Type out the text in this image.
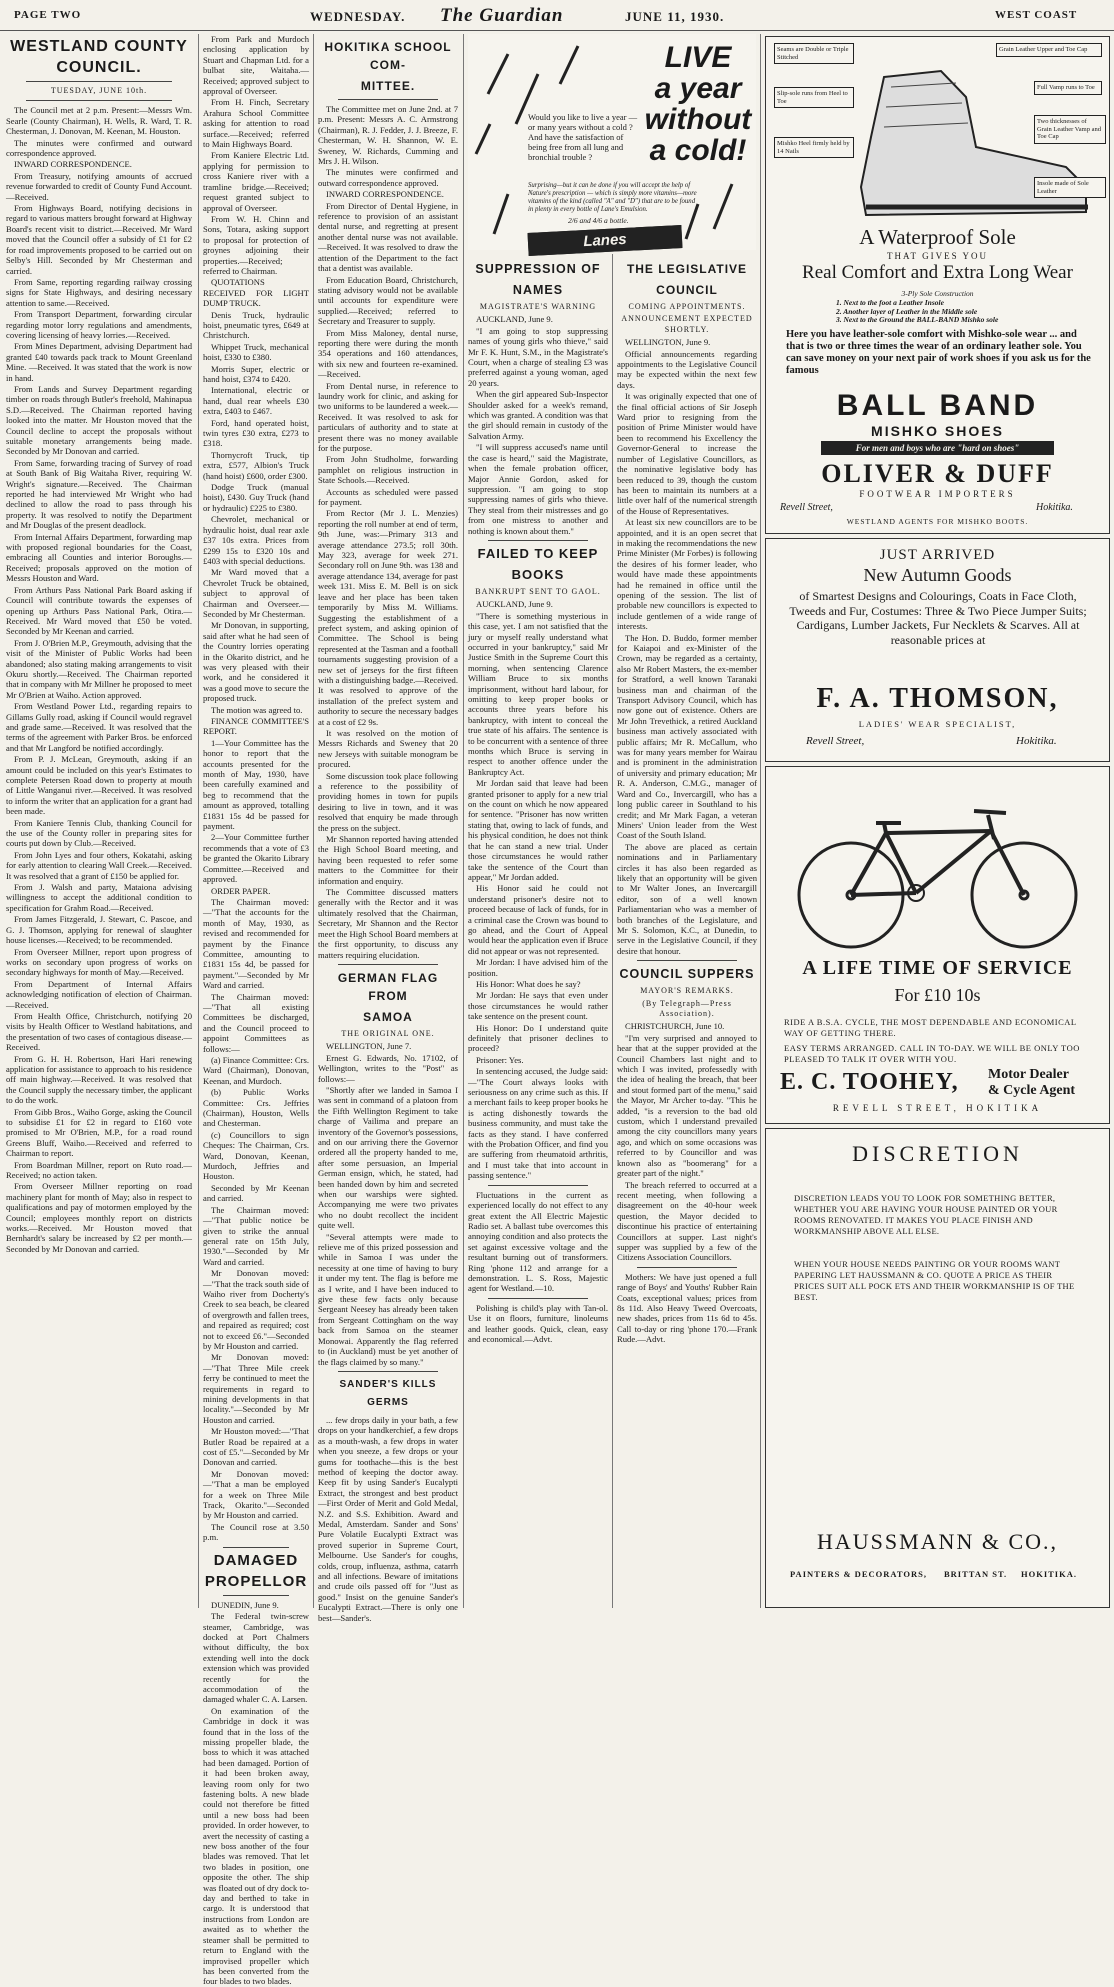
PAGE TWO	WEDNESDAY. The Guardian	JUNE 11, 1930.	WEST COAST
WESTLAND COUNTY
COUNCIL.
TUESDAY, JUNE 10th.

The Council met at 2 p.m. Present:—Messrs Wm. Searle (County Chairman), H. Wells, R. Ward, T. R. Chesterman, J. Donovan, M. Keenan, M. Houston.

The minutes were confirmed and outward correspondence approved.

INWARD CORRESPONDENCE.

From Treasury, notifying amounts of accrued revenue forwarded to credit of County Fund Account.—Received.

From Highways Board, notifying decisions in regard to various matters brought forward at Highway Board's recent visit to district.—Received. Mr Ward moved that the Council offer a subsidy of £1 for £2 for road improvements proposed to be carried out on Selby's Hill. Seconded by Mr Chesterman and carried.

From Same, reporting regarding railway crossing signs for State Highways, and desiring necessary attention to same.—Received.

From Transport Department, forwarding circular regarding motor lorry regulations and amendments, covering licensing of heavy lorries.—Received.

From Mines Department, advising Department had granted £40 towards pack track to Mount Greenland Mine. —Received. It was stated that the work is now in hand.

From Lands and Survey Department regarding timber on roads through Butler's freehold, Mahinapua S.D.—Received. The Chairman reported having looked into the matter. Mr Houston moved that the Council decline to accept the proposals without suitable monetary arrangements being made. Seconded by Mr Donovan and carried.

From Same, forwarding tracing of Survey of road at South Bank of Big Waitaha River, requiring W. Wright's signature.—Received. The Chairman reported he had interviewed Mr Wright who had declined to allow the road to pass through his property. It was resolved to notify the Department and Mr Douglas of the present deadlock.

From Internal Affairs Department, forwarding map with proposed regional boundaries for the Coast, embracing all Counties and interior Boroughs.—Received; proposals approved on the motion of Messrs Houston and Ward.

From Arthurs Pass National Park Board asking if Council will contribute towards the expenses of opening up Arthurs Pass National Park, Otira.—Received. Mr Ward moved that £50 be voted. Seconded by Mr Keenan and carried.

From J. O'Brien M.P., Greymouth, advising that the visit of the Minister of Public Works had been abandoned; also stating making arrangements to visit Okuru shortly.—Received. The Chairman reported that in company with Mr Millner he proposed to meet Mr O'Brien at Waiho. Action approved.

From Westland Power Ltd., regarding repairs to Gillams Gully road, asking if Council would regravel and grade same.—Received. It was resolved that the terms of the agreement with Parker Bros. be enforced and that Mr Langford be notified accordingly.

From P. J. McLean, Greymouth, asking if an amount could be included on this year's Estimates to complete Petersen Road down to property at mouth of Little Wanganui river.—Received. It was resolved to inform the writer that an application for a grant had been made.

From Kaniere Tennis Club, thanking Council for the use of the County roller in preparing sites for courts put down by Club.—Received.

From John Lyes and four others, Kokatahi, asking for early attention to clearing Wall Creek.—Received. It was resolved that a grant of £150 be applied for.

From J. Walsh and party, Mataiona advising willingness to accept the additional condition to specification for Grahm Road.—Received.

From James Fitzgerald, J. Stewart, C. Pascoe, and G. J. Thomson, applying for renewal of slaughter house licenses.—Received; to be recommended.

From Overseer Millner, report upon progress of works on secondary upon progress of works on secondary highways for month of May.—Received.

From Department of Internal Affairs acknowledging notification of election of Chairman.—Received.

From Health Office, Christchurch, notifying 20 visits by Health Officer to Westland habitations, and the presentation of two cases of contagious disease.—Received.

From G. H. H. Robertson, Hari Hari renewing application for assistance to approach to his residence off main highway.—Received. It was resolved that the Council supply the necessary timber, the applicant to do the work.

From Gibb Bros., Waiho Gorge, asking the Council to subsidise £1 for £2 in regard to £160 vote promised to Mr O'Brien, M.P., for a road round Greens Bluff, Waiho.—Received and referred to Chairman to report.

From Boardman Millner, report on Ruto road.—Received; no action taken.

From Overseer Millner reporting on road machinery plant for month of May; also in respect to qualifications and pay of motormen employed by the Council; employees monthly report on districts works.—Received. Mr Houston moved that Bernhardt's salary be increased by £2 per month.—Seconded by Mr Donovan and carried.

From Park and Murdoch enclosing application by Stuart and Chapman Ltd. for a bulbat site, Waitaha.—Received; approved subject to approval of Overseer.

From H. Finch, Secretary Arahura School Committee asking for attention to road surface.—Received; referred to Main Highways Board.

From Kaniere Electric Ltd. applying for permission to cross Kaniere river with a tramline bridge.—Received; request granted subject to approval of Overseer.

From W. H. Chinn and Sons, Totara, asking support to proposal for protection of groynes adjoining their properties.—Received; referred to Chairman.

QUOTATIONS RECEIVED FOR LIGHT DUMP TRUCK.

Denis Truck, hydraulic hoist, pneumatic tyres, £649 at Christchurch.

Whippet Truck, mechanical hoist, £330 to £380.

Morris Super, electric or hand hoist, £374 to £420.

International, electric or hand, dual rear wheels £30 extra, £403 to £467.

Ford, hand operated hoist, twin tyres £30 extra, £273 to £318.

Thornycroft Truck, tip extra, £577, Albion's Truck (hand hoist) £600, order £300.

Dodge Truck (manual hoist), £430. Guy Truck (hand or hydraulic) £225 to £380.

Chevrolet, mechanical or hydraulic hoist, dual rear axle £37 10s extra. Prices from £299 15s to £320 10s and £403 with special deductions.

Mr Ward moved that a Chevrolet Truck be obtained, subject to approval of Chairman and Overseer.—Seconded by Mr Chesterman.

Mr Donovan, in supporting, said after what he had seen of the Country lorries operating in the Okarito district, and he was very pleased with their work, and he considered it was a good move to secure the proposed truck.

The motion was agreed to.

FINANCE COMMITTEE'S REPORT.

1—Your Committee has the honor to report that the accounts presented for the month of May, 1930, have been carefully examined and beg to recommend that the amount as approved, totalling £1831 15s 4d be passed for payment.

2—Your Committee further recommends that a vote of £3 be granted the Okarito Library Committee.—Received and approved.

ORDER PAPER.

The Chairman moved:—"That the accounts for the month of May, 1930, as revised and recommended for payment by the Finance Committee, amounting to £1831 15s 4d, be passed for payment."—Seconded by Mr Ward and carried.

The Chairman moved:—"That all existing Committees be discharged, and the Council proceed to appoint Committees as follows:—

(a) Finance Committee: Crs. Ward (Chairman), Donovan, Keenan, and Murdoch.

(b) Public Works Committee: Crs. Jeffries (Chairman), Houston, Wells and Chesterman.

(c) Councillors to sign Cheques: The Chairman, Crs. Ward, Donovan, Keenan, Murdoch, Jeffries and Houston.

Seconded by Mr Keenan and carried.

The Chairman moved:—"That public notice be given to strike the annual general rate on 15th July, 1930."—Seconded by Mr Ward and carried.

Mr Donovan moved:—"That the track south side of Waiho river from Docherty's Creek to sea beach, be cleared of overgrowth and fallen trees, and repaired as required; cost not to exceed £6."—Seconded by Mr Houston and carried.

Mr Donovan moved:—"That Three Mile creek ferry be continued to meet the requirements in regard to mining developments in that locality."—Seconded by Mr Houston and carried.

Mr Houston moved:—"That Butler Road be repaired at a cost of £5."—Seconded by Mr Donovan and carried.

Mr Donovan moved:—"That a man be employed for a week on Three Mile Track, Okarito."—Seconded by Mr Houston and carried.

The Council rose at 3.50 p.m.

DAMAGED
PROPELLOR

DUNEDIN, June 9.

The Federal twin-screw steamer, Cambridge, was docked at Port Chalmers without difficulty, the box extending well into the dock extension which was provided recently for the accommodation of the damaged whaler C. A. Larsen.

On examination of the Cambridge in dock it was found that in the loss of the missing propeller blade, the boss to which it was attached had been damaged. Portion of it had been broken away, leaving room only for two fastening bolts. A new blade could not therefore be fitted until a new boss had been provided. In order however, to avert the necessity of casting a new boss another of the four blades was removed. That let two blades in position, one opposite the other. The ship was floated out of dry dock to-day and berthed to take in cargo. It is understood that instructions from London are awaited as to whether the steamer shall be permitted to return to England with the improvised propeller which has been converted from the four blades to two blades.

HOKITIKA SCHOOL COM-
MITTEE.

The Committee met on June 2nd. at 7 p.m. Present: Messrs A. C. Armstrong (Chairman), R. J. Fedder, J. J. Breeze, F. Chesterman, W. H. Shannon, W. E. Sweney, W. Richards, Cumming and Mrs J. H. Wilson.

The minutes were confirmed and outward correspondence approved.

INWARD CORRESPONDENCE.

From Director of Dental Hygiene, in reference to provision of an assistant dental nurse, and regretting at present another dental nurse was not available.—Received. It was resolved to draw the attention of the Department to the fact that a dentist was available.

From Education Board, Christchurch, stating advisory would not be available until accounts for expenditure were supplied.—Received; referred to Secretary and Treasurer to supply.

From Miss Maloney, dental nurse, reporting there were during the month 354 operations and 160 attendances, with six new and fourteen re-examined.—Received.

From Dental nurse, in reference to laundry work for clinic, and asking for two uniforms to be laundered a week.—Received. It was resolved to ask for particulars of authority and to state at present there was no money available for the purpose.

From John Studholme, forwarding pamphlet on religious instruction in State Schools.—Received.

Accounts as scheduled were passed for payment.

From Rector (Mr J. L. Menzies) reporting the roll number at end of term, 9th June, was:—Primary 313 and average attendance 273.5; roll 30th. May 323, average for week 271. Secondary roll on June 9th. was 138 and average attendance 134, average for past week 131. Miss E. M. Bell is on sick leave and her place has been taken temporarily by Miss M. Williams. Suggesting the establishment of a prefect system, and asking opinion of Committee. The School is being represented at the Tasman and a football tournaments suggesting provision of a new set of jerseys for the first fifteen with a distinguishing badge.—Received. It was resolved to approve of the installation of the prefect system and authority to secure the necessary badges at a cost of £2 9s.

It was resolved on the motion of Messrs Richards and Sweney that 20 new Jerseys with suitable monogram be procured.

Some discussion took place following a reference to the possibility of providing homes in town for pupils desiring to live in town, and it was resolved that enquiry be made through the press on the subject.

Mr Shannon reported having attended the High School Board meeting, and having been requested to refer some matters to the Committee for their information and enquiry.

The Committee discussed matters generally with the Rector and it was ultimately resolved that the Chairman, Secretary, Mr Shannon and the Rector meet the High School Board members at the first opportunity, to discuss any matters requiring elucidation.

GERMAN FLAG FROM
SAMOA
THE ORIGINAL ONE.

WELLINGTON, June 7.

Ernest G. Edwards, No. 17102, of Wellington, writes to the "Post" as follows:—

"Shortly after we landed in Samoa I was sent in command of a platoon from the Fifth Wellington Regiment to take charge of Vailima and prepare an inventory of the Governor's possessions, and on our arriving there the Governor ordered all the property handed to me, after some persuasion, an Imperial German ensign, which, he stated, had been handed down by him and secreted when our warships were sighted. Accompanying me were two privates who no doubt recollect the incident quite well.

"Several attempts were made to relieve me of this prized possession and while in Samoa I was under the necessity at one time of having to bury it under my tent. The flag is before me as I write, and I have been induced to give these few facts only because Sergeant Neesey has already been taken from Sergeant Cottingham on the way back from Samoa on the steamer Monowai. Apparently the flag referred to (in Auckland) must be yet another of the flags claimed by so many."

SANDER'S KILLS GERMS

... few drops daily in your bath, a few drops on your handkerchief, a few drops as a mouth-wash, a few drops in water when you sneeze, a few drops or your gums for toothache—this is the best method of keeping the doctor away. Keep fit by using Sander's Eucalypti Extract, the strongest and best product—First Order of Merit and Gold Medal, N.Z. and S.S. Exhibition. Award and Medal, Amsterdam. Sander and Sons' Pure Volatile Eucalypti Extract was proved superior in Supreme Court, Melbourne. Use Sander's for coughs, colds, croup, influenza, asthma, catarrh and all infections. Beware of imitations and crude oils passed off for "Just as good." Insist on the genuine Sander's Eucalypti Extract.—There is only one best—Sander's.

LIVE
a year
without
a cold!
Would you like to live a year — or many years without a cold ? And have the satisfaction of being free from all lung and bronchial trouble ?
Surprising—but it can be done if you will accept the help of Nature's prescription — which is simply more vitamins—more vitamins of the kind (called "A" and "D") that are to be found in plenty in every bottle of Lane's Emulsion.
2/6 and 4/6 a bottle.
Lanes
SUPPRESSION OF
NAMES
MAGISTRATE'S WARNING

AUCKLAND, June 9.

"I am going to stop suppressing names of young girls who thieve," said Mr F. K. Hunt, S.M., in the Magistrate's Court, when a charge of stealing £3 was preferred against a young woman, aged 20 years.

When the girl appeared Sub-Inspector Shoulder asked for a week's remand, which was granted. A condition was that the girl should remain in custody of the Salvation Army.

"I will suppress accused's name until the case is heard," said the Magistrate, when the female probation officer, Major Annie Gordon, asked for suppression. "I am going to stop suppressing names of girls who thieve. They steal from their mistresses and go from one mistress to another and nothing is known about them."

FAILED TO KEEP
BOOKS
BANKRUPT SENT TO GAOL.

AUCKLAND, June 9.

"There is something mysterious in this case, yet. I am not satisfied that the jury or myself really understand what occurred in your bankruptcy," said Mr Justice Smith in the Supreme Court this morning, when sentencing Clarence William Bruce to six months imprisonment, without hard labour, for omitting to keep proper books or accounts three years before his bankruptcy, with intent to conceal the true state of his affairs. The sentence is to be concurrent with a sentence of three months which Bruce is serving in respect to another offence under the Bankruptcy Act.

Mr Jordan said that leave had been granted prisoner to apply for a new trial on the count on which he now appeared for sentence. "Prisoner has now written stating that, owing to lack of funds, and his physical condition, he does not think that he can stand a new trial. Under those circumstances he would rather take the sentence of the Court than appear," Mr Jordan added.

His Honor said he could not understand prisoner's desire not to proceed because of lack of funds, for in a criminal case the Crown was bound to go ahead, and the Court of Appeal would hear the application even if Bruce did not appear or was not represented.

Mr Jordan: I have advised him of the position.

His Honor: What does he say?

Mr Jordan: He says that even under those circumstances he would rather take sentence on the present count.

His Honor: Do I understand quite definitely that prisoner declines to proceed?

Prisoner: Yes.

In sentencing accused, the Judge said:—"The Court always looks with seriousness on any crime such as this. If a merchant fails to keep proper books he is acting dishonestly towards the business community, and must take the facts as they stand. I have conferred with the Probation Officer, and find you are suffering from rheumatoid arthritis, and I must take that into account in passing sentence."

Fluctuations in the current as experienced locally do not effect to any great extent the All Electric Majestic Radio set. A ballast tube overcomes this annoying condition and also protects the set against excessive voltage and the resultant burning out of transformers. Ring 'phone 112 and arrange for a demonstration. L. S. Ross, Majestic agent for Westland.—10.

Polishing is child's play with Tan-ol. Use it on floors, furniture, linoleums and leather goods. Quick, clean, easy and economical.—Advt.

THE LEGISLATIVE
COUNCIL
COMING APPOINTMENTS.
ANNOUNCEMENT EXPECTED SHORTLY.

WELLINGTON, June 9.

Official announcements regarding appointments to the Legislative Council may be expected within the next few days.

It was originally expected that one of the final official actions of Sir Joseph Ward prior to resigning from the position of Prime Minister would have been to recommend his Excellency the Governor-General to increase the number of Legislative Councillors, as the nominative legislative body has been reduced to 39, though the custom has been to maintain its numbers at a little over half of the numerical strength of the House of Representatives.

At least six new councillors are to be appointed, and it is an open secret that in making the recommendations the new Prime Minister (Mr Forbes) is following the desires of his former leader, who would have made these appointments had he remained in office until the opening of the session. The list of probable new councillors is expected to include gentlemen of a wide range of interests.

The Hon. D. Buddo, former member for Kaiapoi and ex-Minister of the Crown, may be regarded as a certainty, also Mr Robert Masters, the ex-member for Stratford, a well known Taranaki business man and chairman of the Transport Advisory Council, which has now gone out of existence. Others are Mr John Trevethick, a retired Auckland business man actively associated with public affairs; Mr R. McCallum, who was for many years member for Wairau and is prominent in the administration of university and primary education; Mr R. A. Anderson, C.M.G., manager of Ward and Co., Invercargill, who has a long public career in Southland to his credit; and Mr Mark Fagan, a veteran Miners' Union leader from the West Coast of the South Island.

The above are placed as certain nominations and in Parliamentary circles it has also been regarded as likely that an opportunity will be given to Mr Walter Jones, an Invercargill editor, son of a well known Parliamentarian who was a member of both branches of the Legislature, and Mr S. Solomon, K.C., at Dunedin, to serve in the Legislative Council, if they desire that honour.

COUNCIL SUPPERS
MAYOR'S REMARKS.
(By Telegraph—Press Association).

CHRISTCHURCH, June 10.

"I'm very surprised and annoyed to hear that at the supper provided at the Council Chambers last night and to which I was invited, professedly with the idea of healing the breach, that beer and stout formed part of the menu," said the Mayor, Mr Archer to-day. "This he added, "is a reversion to the bad old custom, which I understand prevailed among the city councillors many years ago, and which on some occasions was referred to by Councillor and was known also as "boomerang" for a greater part of the night."

The breach referred to occurred at a recent meeting, when following a disagreement on the 40-hour week question, the Mayor decided to discontinue his practice of entertaining Councillors at supper. Last night's supper was supplied by a few of the Citizens Association Councillors.

Mothers: We have just opened a full range of Boys' and Youths' Rubber Rain Coats, exceptional values; prices from 8s 11d. Also Heavy Tweed Overcoats, new shades, prices from 11s 6d to 45s. Call to-day or ring 'phone 170.—Frank Rude.—Advt.

Seams are Double or Triple Stitched
Grain Leather Upper and Toe Cap
Slip-sole runs from Heel to Toe
Full Vamp runs to Toe
Mishko Heel firmly held by 14 Nails
Two thicknesses of Grain Leather Vamp and Toe Cap
Insole made of Sole Leather
A Waterproof Sole
THAT GIVES YOU
Real Comfort and Extra Long Wear
3-Ply Sole Construction
1. Next to the foot a Leather Insole
2. Another layer of Leather in the Middle sole
3. Next to the Ground the BALL-BAND Mishko sole
Here you have leather-sole comfort with Mishko-sole wear ... and that is two or three times the wear of an ordinary leather sole. You can save money on your next pair of work shoes if you ask us for the famous
BALL BAND
MISHKO SHOES
For men and boys who are "hard on shoes"
OLIVER & DUFF
FOOTWEAR IMPORTERS
Revell Street,	Hokitika.
WESTLAND AGENTS FOR MISHKO BOOTS.
JUST ARRIVED
New Autumn Goods
of Smartest Designs and Colourings, Coats in Face Cloth, Tweeds and Fur, Costumes: Three & Two Piece Jumper Suits; Cardigans, Lumber Jackets, Fur Necklets & Scarves. All at reasonable prices at
F. A. THOMSON,
LADIES' WEAR SPECIALIST,
Revell Street,	Hokitika.
A LIFE TIME OF SERVICE
For £10 10s
RIDE A B.S.A. CYCLE, THE MOST DEPENDABLE AND ECONOMICAL WAY OF GETTING THERE.
EASY TERMS ARRANGED. CALL IN TO-DAY. WE WILL BE ONLY TOO PLEASED TO TALK IT OVER WITH YOU.
E. C. TOOHEY, Motor Dealer
& Cycle Agent
REVELL STREET, HOKITIKA
DISCRETION
DISCRETION LEADS YOU TO LOOK FOR SOMETHING BETTER, WHETHER YOU ARE HAVING YOUR HOUSE PAINTED OR YOUR ROOMS RENOVATED. IT MAKES YOU PLACE FINISH AND WORKMANSHIP ABOVE ALL ELSE.
WHEN YOUR HOUSE NEEDS PAINTING OR YOUR ROOMS WANT PAPERING LET HAUSSMANN & CO. QUOTE A PRICE AS THEIR PRICES SUIT ALL POCK ETS AND THEIR WORKMANSHIP IS OF THE BEST.
HAUSSMANN & CO.,
PAINTERS & DECORATORS, BRITTAN ST. HOKITIKA.
